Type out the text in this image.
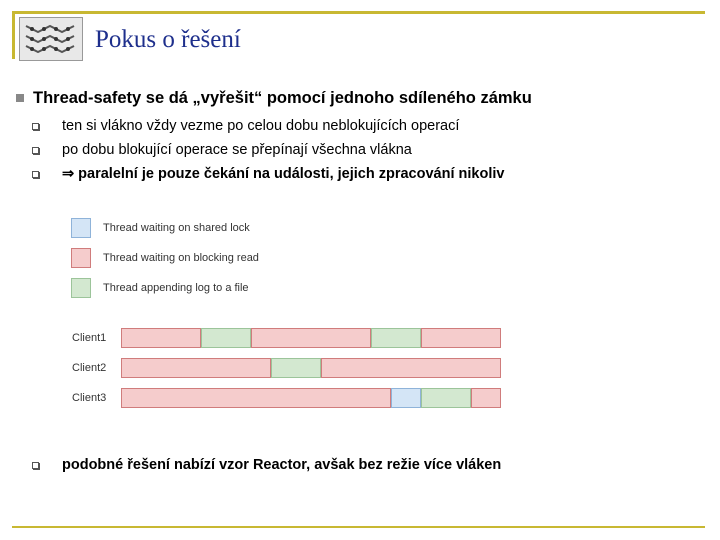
Pokus o řešení
Thread-safety se dá „vyřešit“ pomocí jednoho sdíleného zámku
ten si vlákno vždy vezme po celou dobu neblokujících operací
po dobu blokující operace se přepínají všechna vlákna
⇒ paralelní je pouze čekání na události, jejich zpracování nikoliv
Thread waiting on shared lock
Thread waiting on blocking read
Thread appending log to a file
Client1
Client2
Client3
podobné řešení nabízí vzor Reactor, avšak bez režie více vláken
